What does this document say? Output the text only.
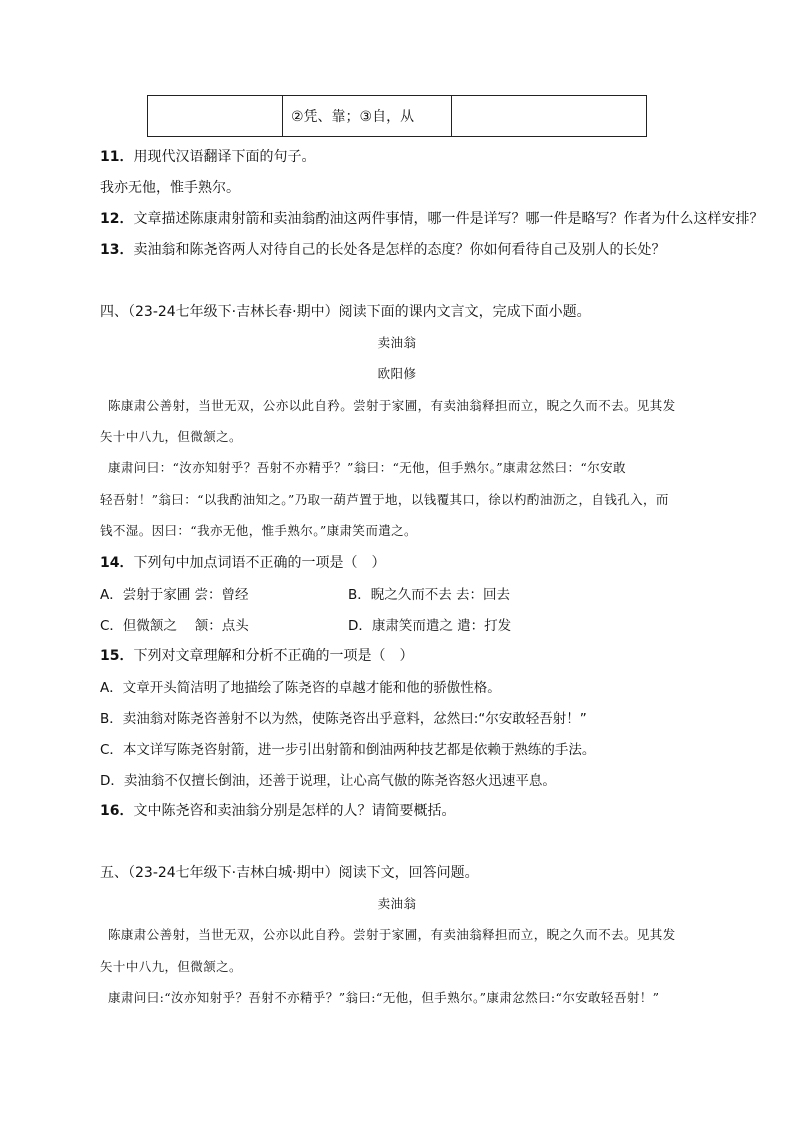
	②凭、靠；③自，从	
11．用现代汉语翻译下面的句子。
我亦无他，惟手熟尔。
12．文章描述陈康肃射箭和卖油翁酌油这两件事情，哪一件是详写？哪一件是略写？作者为什么这样安排？
13．卖油翁和陈尧咨两人对待自己的长处各是怎样的态度？你如何看待自己及别人的长处？
四、（23-24七年级下·吉林长春·期中）阅读下面的课内文言文，完成下面小题。
卖油翁
欧阳修
陈康肃公善射，当世无双，公亦以此自矜。尝射于家圃，有卖油翁释担而立，睨之久而不去。见其发
矢十中八九，但微颔之。
康肃问曰：“汝亦知射乎？吾射不亦精乎？”翁曰：“无他，但手熟尔。”康肃忿然曰：“尔安敢
轻吾射！”翁曰：“以我酌油知之。”乃取一葫芦置于地，以钱覆其口，徐以杓酌油沥之，自钱孔入，而
钱不湿。因曰：“我亦无他，惟手熟尔。”康肃笑而遣之。
14．下列句中加点词语不正确的一项是（　）
A．尝射于家圃 尝：曾经	B．睨之久而不去 去：回去
C．但微颔之　 颔：点头	D．康肃笑而遣之 遣：打发
15．下列对文章理解和分析不正确的一项是（　）
A．文章开头简洁明了地描绘了陈尧咨的卓越才能和他的骄傲性格。
B．卖油翁对陈尧咨善射不以为然，使陈尧咨出乎意料，忿然曰:“尔安敢轻吾射！”
C．本文详写陈尧咨射箭，进一步引出射箭和倒油两种技艺都是依赖于熟练的手法。
D．卖油翁不仅擅长倒油，还善于说理，让心高气傲的陈尧咨怒火迅速平息。
16．文中陈尧咨和卖油翁分别是怎样的人？请简要概括。
五、（23-24七年级下·吉林白城·期中）阅读下文，回答问题。
卖油翁
陈康肃公善射，当世无双，公亦以此自矜。尝射于家圃，有卖油翁释担而立，睨之久而不去。见其发
矢十中八九，但微颔之。
康肃问曰:“汝亦知射乎？吾射不亦精乎？”翁曰:“无他，但手熟尔。”康肃忿然曰:“尔安敢轻吾射！”
